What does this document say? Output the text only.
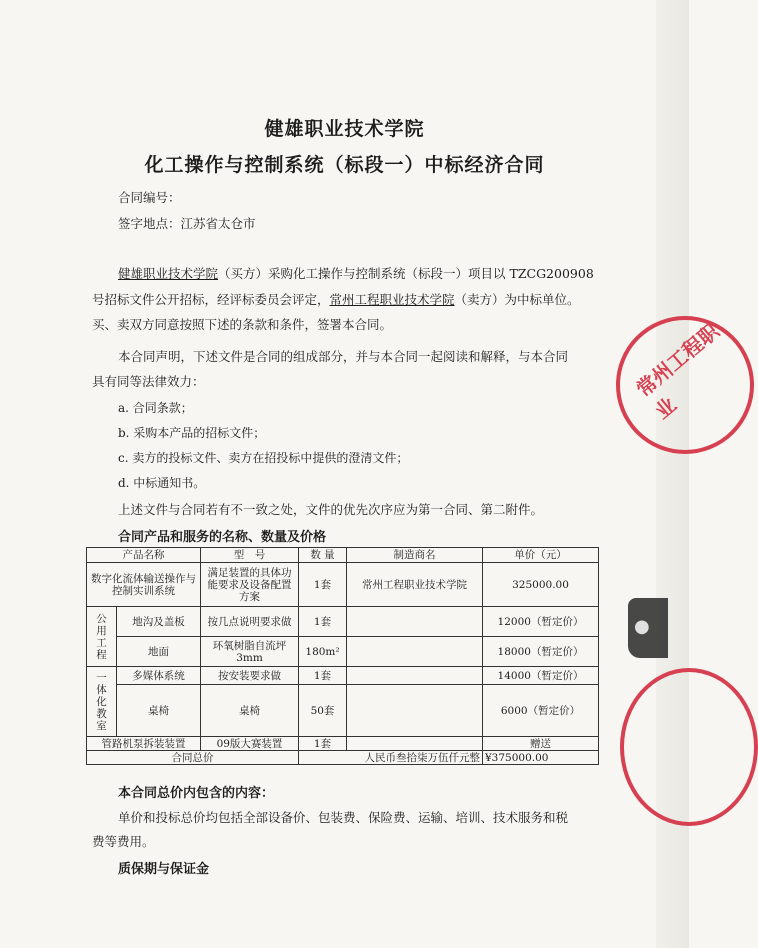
健雄职业技术学院
化工操作与控制系统（标段一）中标经济合同
合同编号：
签字地点：江苏省太仓市
健雄职业技术学院（买方）采购化工操作与控制系统（标段一）项目以 TZCG200908
号招标文件公开招标，经评标委员会评定，常州工程职业技术学院（卖方）为中标单位。
买、卖双方同意按照下述的条款和条件，签署本合同。
本合同声明，下述文件是合同的组成部分，并与本合同一起阅读和解释，与本合同
具有同等法律效力：
a. 合同条款；
b. 采购本产品的招标文件；
c. 卖方的投标文件、卖方在招投标中提供的澄清文件；
d. 中标通知书。
上述文件与合同若有不一致之处，文件的优先次序应为第一合同、第二附件。
合同产品和服务的名称、数量及价格
产品名称		型　号	数 量	制造商名	单价（元）
数字化流体输送操作与控制实训系统		满足装置的具体功能要求及设备配置方案	1套	常州工程职业技术学院	325000.00

公
用
工
程	地沟及盖板	按几点说明要求做	1套		12000（暂定价）
	地面	环氧树脂自流坪3mm	180m²		18000（暂定价）

一
体
化
教
室	多媒体系统	按安装要求做	1套		14000（暂定价）
	桌椅	桌椅	50套		6000（暂定价）
管路机泵拆装装置		09版大赛装置	1套		赠送
合同总价			人民币叁拾柒万伍仟元整		¥375000.00
本合同总价内包含的内容：
单价和投标总价均包括全部设备价、包装费、保险费、运输、培训、技术服务和税
费等费用。
质保期与保证金
常州工程职业
●
